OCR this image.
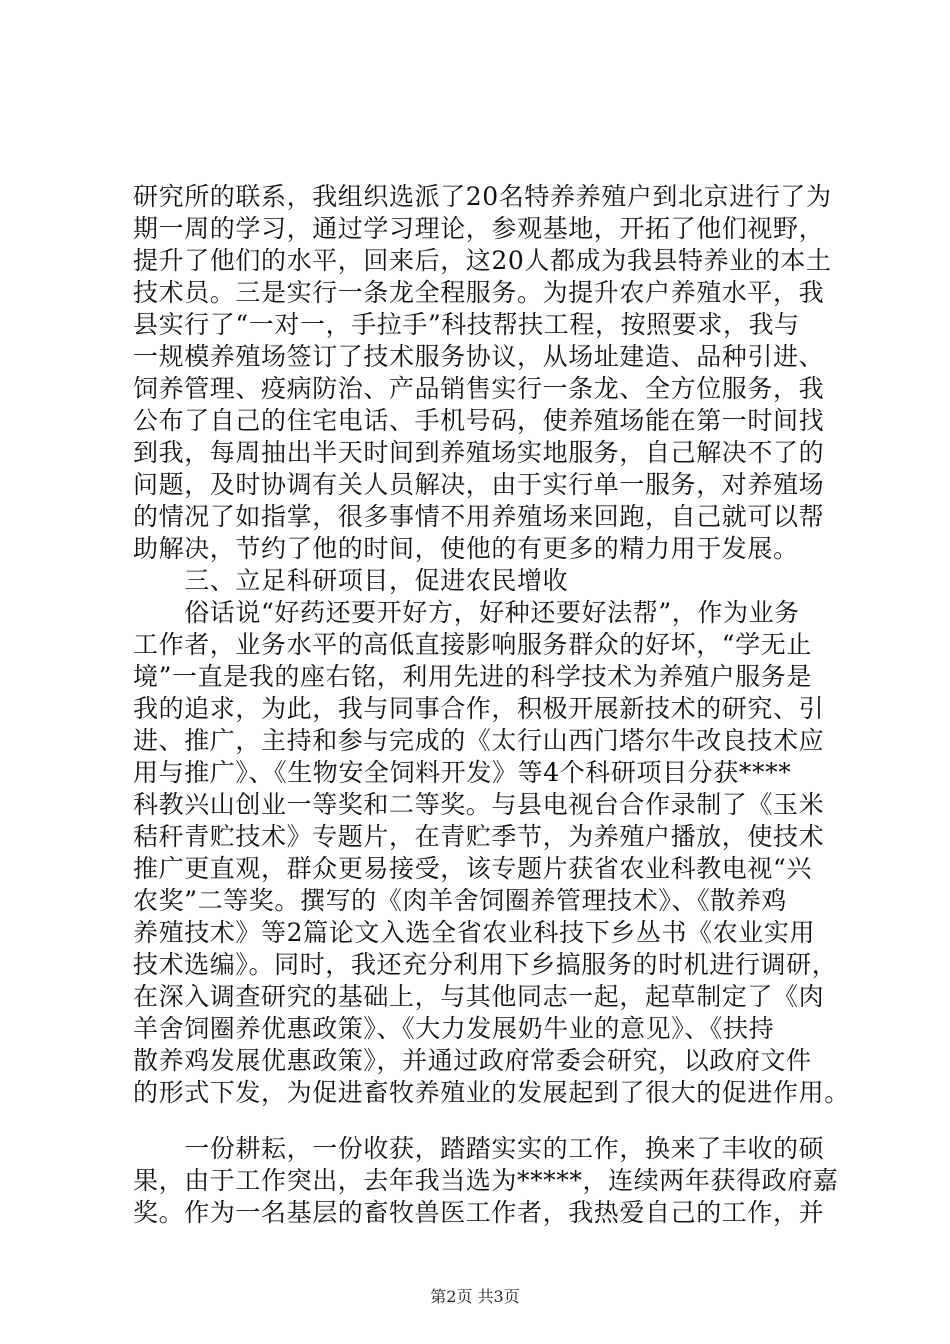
研究所的联系，我组织选派了20名特养养殖户到北京进行了为
期一周的学习，通过学习理论，参观基地，开拓了他们视野，
提升了他们的水平，回来后，这20人都成为我县特养业的本土
技术员。三是实行一条龙全程服务。为提升农户养殖水平，我
县实行了“一对一，手拉手”科技帮扶工程，按照要求，我与
一规模养殖场签订了技术服务协议，从场址建造、品种引进、
饲养管理、疫病防治、产品销售实行一条龙、全方位服务，我
公布了自己的住宅电话、手机号码，使养殖场能在第一时间找
到我，每周抽出半天时间到养殖场实地服务，自己解决不了的
问题，及时协调有关人员解决，由于实行单一服务，对养殖场
的情况了如指掌，很多事情不用养殖场来回跑，自己就可以帮
助解决，节约了他的时间，使他的有更多的精力用于发展。
　　三、立足科研项目，促进农民增收
　　俗话说“好药还要开好方，好种还要好法帮”，作为业务
工作者，业务水平的高低直接影响服务群众的好坏，“学无止
境”一直是我的座右铭，利用先进的科学技术为养殖户服务是
我的追求，为此，我与同事合作，积极开展新技术的研究、引
进、推广，主持和参与完成的《太行山西门塔尔牛改良技术应
用与推广》、《生物安全饲料开发》等4个科研项目分获****
科教兴山创业一等奖和二等奖。与县电视台合作录制了《玉米
秸秆青贮技术》专题片，在青贮季节，为养殖户播放，使技术
推广更直观，群众更易接受，该专题片获省农业科教电视“兴
农奖”二等奖。撰写的《肉羊舍饲圈养管理技术》、《散养鸡
养殖技术》等2篇论文入选全省农业科技下乡丛书《农业实用
技术选编》。同时，我还充分利用下乡搞服务的时机进行调研，
在深入调查研究的基础上，与其他同志一起，起草制定了《肉
羊舍饲圈养优惠政策》、《大力发展奶牛业的意见》、《扶持
散养鸡发展优惠政策》，并通过政府常委会研究，以政府文件
的形式下发，为促进畜牧养殖业的发展起到了很大的促进作用。
　　一份耕耘，一份收获，踏踏实实的工作，换来了丰收的硕
果，由于工作突出，去年我当选为*****，连续两年获得政府嘉
奖。作为一名基层的畜牧兽医工作者，我热爱自己的工作，并
第2页 共3页
